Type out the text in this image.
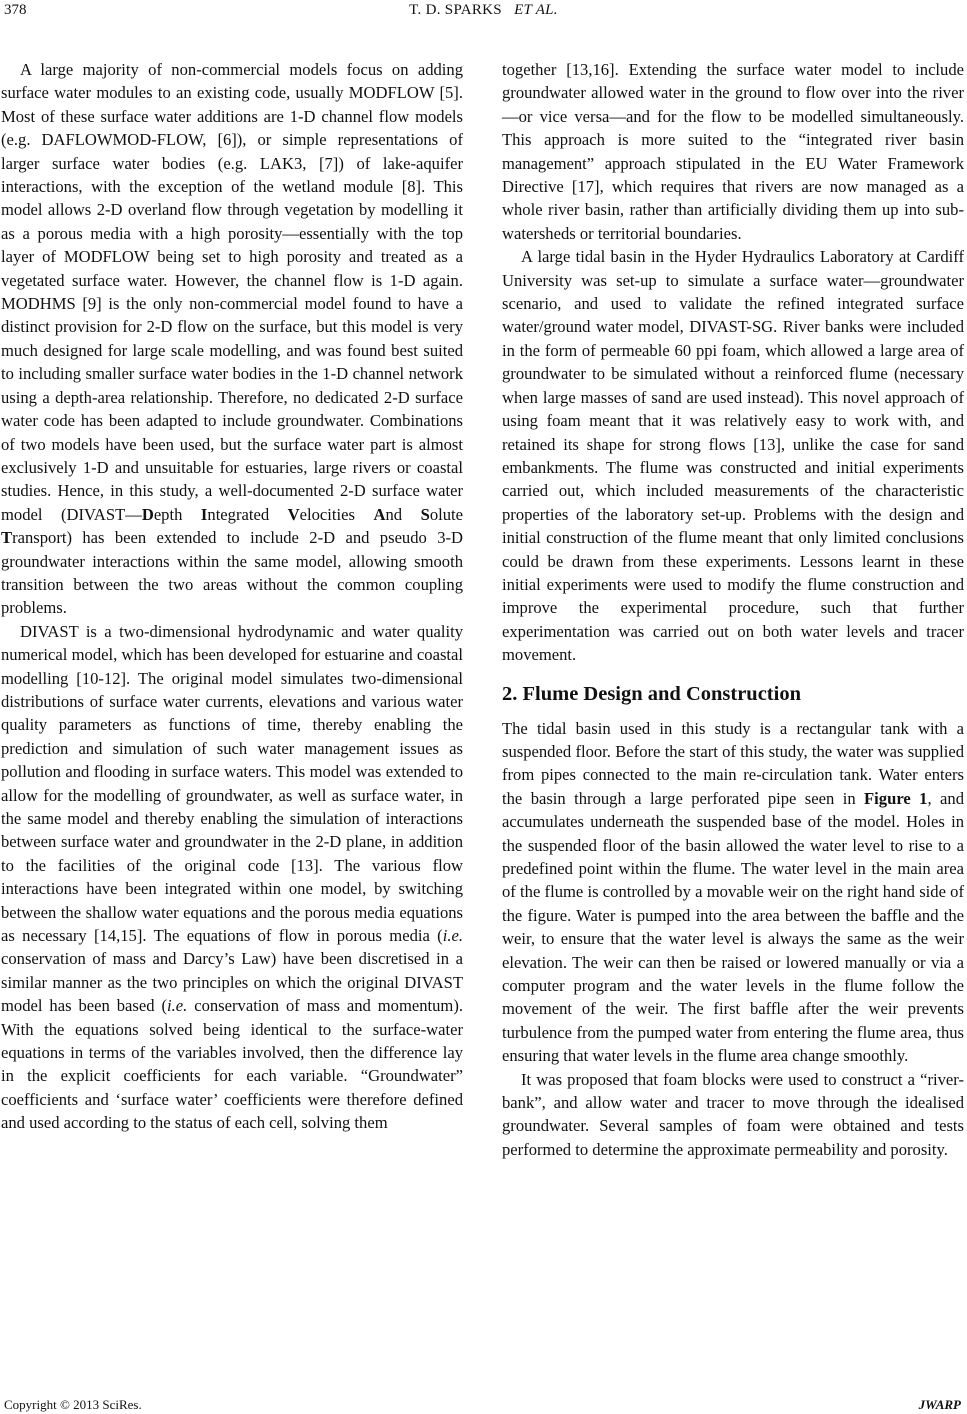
378	T. D. SPARKS ET AL.

A large majority of non-commercial models focus on adding surface water modules to an existing code, usually MODFLOW [5]. Most of these surface water additions are 1-D channel flow models (e.g. DAFLOWMOD-FLOW, [6]), or simple representations of larger surface water bodies (e.g. LAK3, [7]) of lake-aquifer interactions, with the exception of the wetland module [8]. This model allows 2-D overland flow through vegetation by modelling it as a porous media with a high porosity—essentially with the top layer of MODFLOW being set to high porosity and treated as a vegetated surface water. However, the channel flow is 1-D again. MODHMS [9] is the only non-commercial model found to have a distinct provision for 2-D flow on the surface, but this model is very much designed for large scale modelling, and was found best suited to including smaller surface water bodies in the 1-D channel network using a depth-area relationship. Therefore, no dedicated 2-D surface water code has been adapted to include groundwater. Combinations of two models have been used, but the surface water part is almost exclusively 1-D and unsuitable for estuaries, large rivers or coastal studies. Hence, in this study, a well-documented 2-D surface water model (DIVAST—Depth Integrated Velocities And Solute Transport) has been extended to include 2-D and pseudo 3-D groundwater interactions within the same model, allowing smooth transition between the two areas without the common coupling problems.

DIVAST is a two-dimensional hydrodynamic and water quality numerical model, which has been developed for estuarine and coastal modelling [10-12]. The original model simulates two-dimensional distributions of surface water currents, elevations and various water quality parameters as functions of time, thereby enabling the prediction and simulation of such water management issues as pollution and flooding in surface waters. This model was extended to allow for the modelling of groundwater, as well as surface water, in the same model and thereby enabling the simulation of interactions between surface water and groundwater in the 2-D plane, in addition to the facilities of the original code [13]. The various flow interactions have been integrated within one model, by switching between the shallow water equations and the porous media equations as necessary [14,15]. The equations of flow in porous media (i.e. conservation of mass and Darcy’s Law) have been discretised in a similar manner as the two principles on which the original DIVAST model has been based (i.e. conservation of mass and momentum). With the equations solved being identical to the surface-water equations in terms of the variables involved, then the difference lay in the explicit coefficients for each variable. “Groundwater” coefficients and ‘surface water’ coefficients were therefore defined and used according to the status of each cell, solving them

together [13,16]. Extending the surface water model to include groundwater allowed water in the ground to flow over into the river—or vice versa—and for the flow to be modelled simultaneously. This approach is more suited to the “integrated river basin management” approach stipulated in the EU Water Framework Directive [17], which requires that rivers are now managed as a whole river basin, rather than artificially dividing them up into sub-watersheds or territorial boundaries.

A large tidal basin in the Hyder Hydraulics Laboratory at Cardiff University was set-up to simulate a surface water—groundwater scenario, and used to validate the refined integrated surface water/ground water model, DIVAST-SG. River banks were included in the form of permeable 60 ppi foam, which allowed a large area of groundwater to be simulated without a reinforced flume (necessary when large masses of sand are used instead). This novel approach of using foam meant that it was relatively easy to work with, and retained its shape for strong flows [13], unlike the case for sand embankments. The flume was constructed and initial experiments carried out, which included measurements of the characteristic properties of the laboratory set-up. Problems with the design and initial construction of the flume meant that only limited conclusions could be drawn from these experiments. Lessons learnt in these initial experiments were used to modify the flume construction and improve the experimental procedure, such that further experimentation was carried out on both water levels and tracer movement.

2. Flume Design and Construction

The tidal basin used in this study is a rectangular tank with a suspended floor. Before the start of this study, the water was supplied from pipes connected to the main re-circulation tank. Water enters the basin through a large perforated pipe seen in Figure 1, and accumulates underneath the suspended base of the model. Holes in the suspended floor of the basin allowed the water level to rise to a predefined point within the flume. The water level in the main area of the flume is controlled by a movable weir on the right hand side of the figure. Water is pumped into the area between the baffle and the weir, to ensure that the water level is always the same as the weir elevation. The weir can then be raised or lowered manually or via a computer program and the water levels in the flume follow the movement of the weir. The first baffle after the weir prevents turbulence from the pumped water from entering the flume area, thus ensuring that water levels in the flume area change smoothly.

It was proposed that foam blocks were used to construct a “river-bank”, and allow water and tracer to move through the idealised groundwater. Several samples of foam were obtained and tests performed to determine the approximate permeability and porosity.

Copyright © 2013 SciRes.	JWARP
